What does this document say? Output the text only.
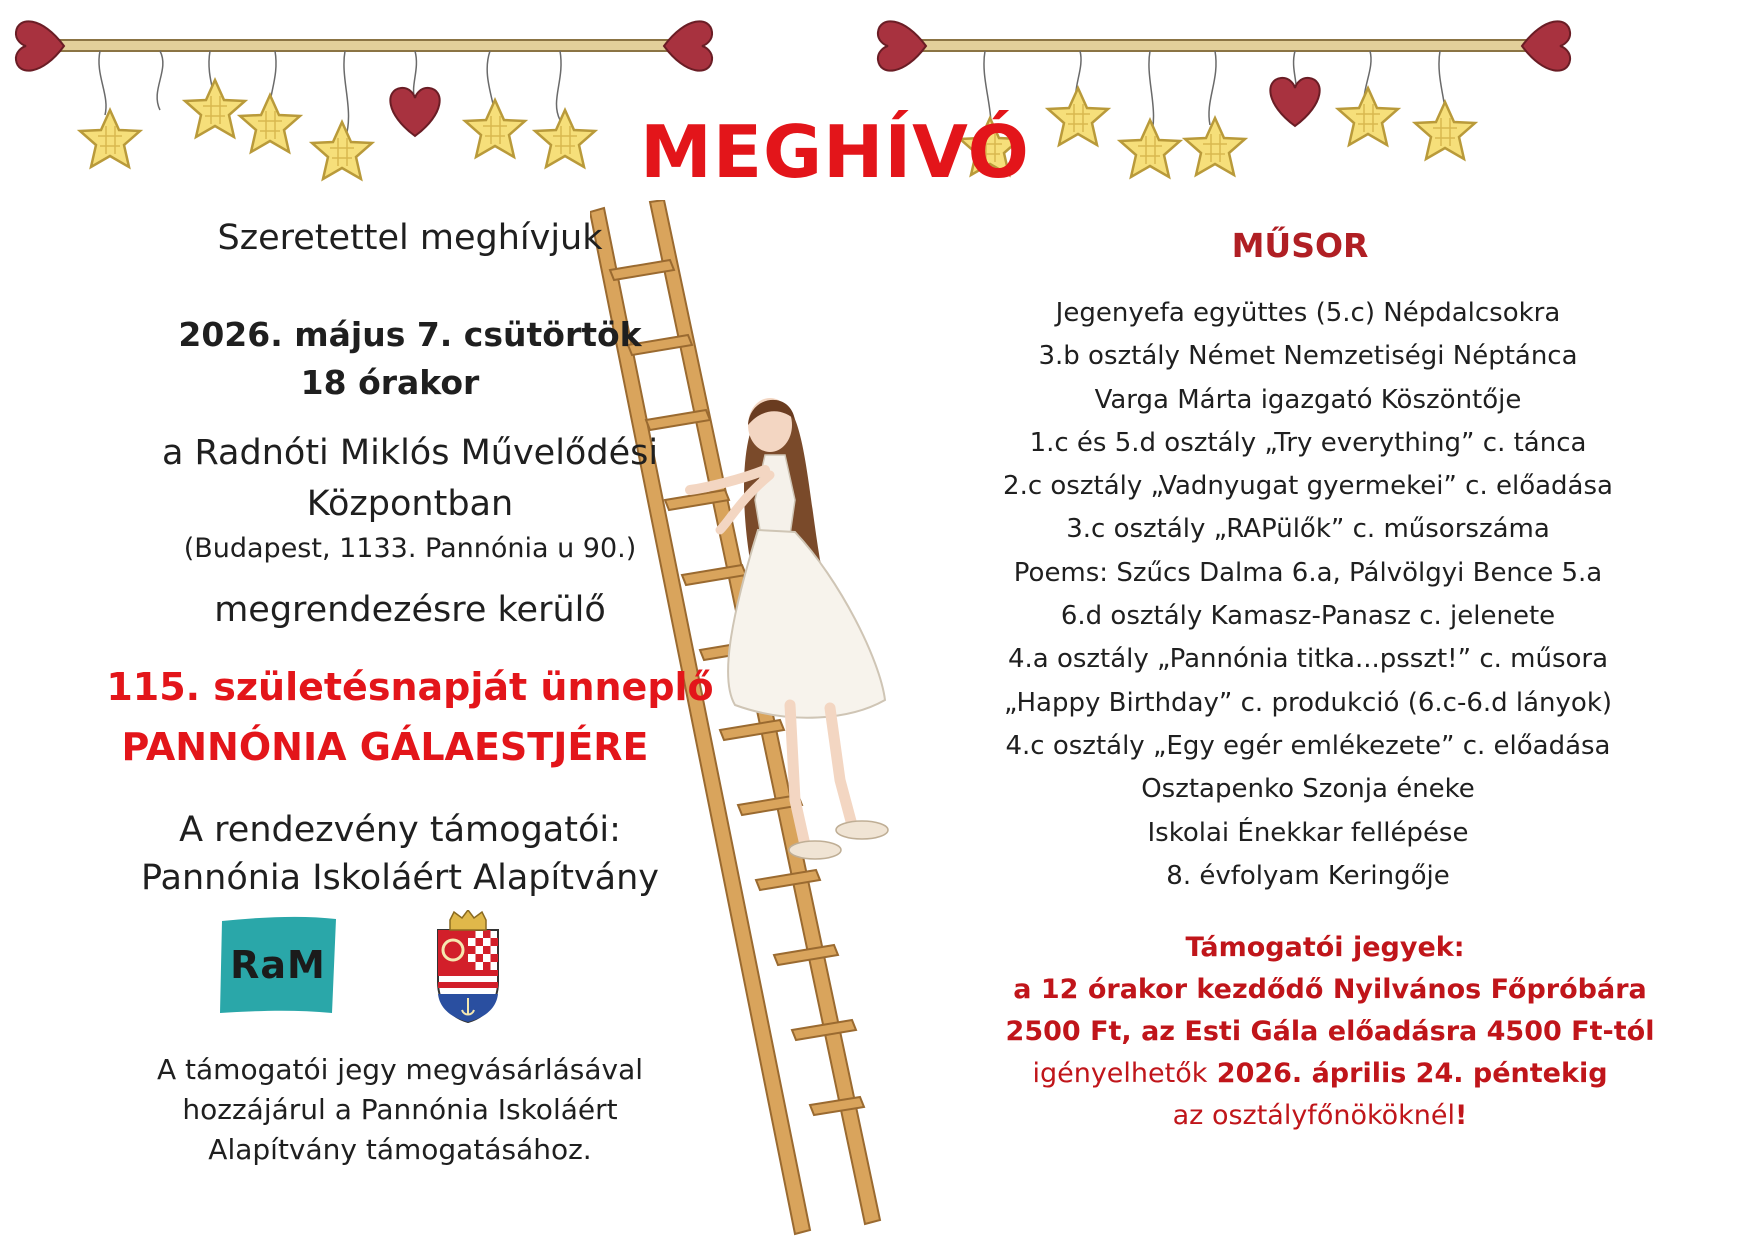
MEGHÍVÓ
Szeretettel meghívjuk
2026. május 7. csütörtök
18 órakor
a Radnóti Miklós Művelődési
Központban
(Budapest, 1133. Pannónia u 90.)
megrendezésre kerülő
115. születésnapját ünneplő
PANNÓNIA GÁLAESTJÉRE
A rendezvény támogatói:
Pannónia Iskoláért Alapítvány
RaM
A támogatói jegy megvásárlásával
hozzájárul a Pannónia Iskoláért
Alapítvány támogatásához.
MŰSOR
Jegenyefa együttes (5.c) Népdalcsokra
3.b osztály Német Nemzetiségi Néptánca
Varga Márta igazgató Köszöntője
1.c és 5.d osztály „Try everything” c. tánca
2.c osztály „Vadnyugat gyermekei” c. előadása
3.c osztály „RAPülők” c. műsorszáma
Poems: Szűcs Dalma 6.a, Pálvölgyi Bence 5.a
6.d osztály Kamasz-Panasz c. jelenete
4.a osztály „Pannónia titka...psszt!” c. műsora
„Happy Birthday” c. produkció (6.c-6.d lányok)
4.c osztály „Egy egér emlékezete” c. előadása
Osztapenko Szonja éneke
Iskolai Énekkar fellépése
8. évfolyam Keringője
Támogatói jegyek:
a 12 órakor kezdődő Nyilvános Főpróbára
2500 Ft, az Esti Gála előadásra 4500 Ft-tól
igényelhetők 2026. április 24. péntekig
az osztályfőnököknél!
